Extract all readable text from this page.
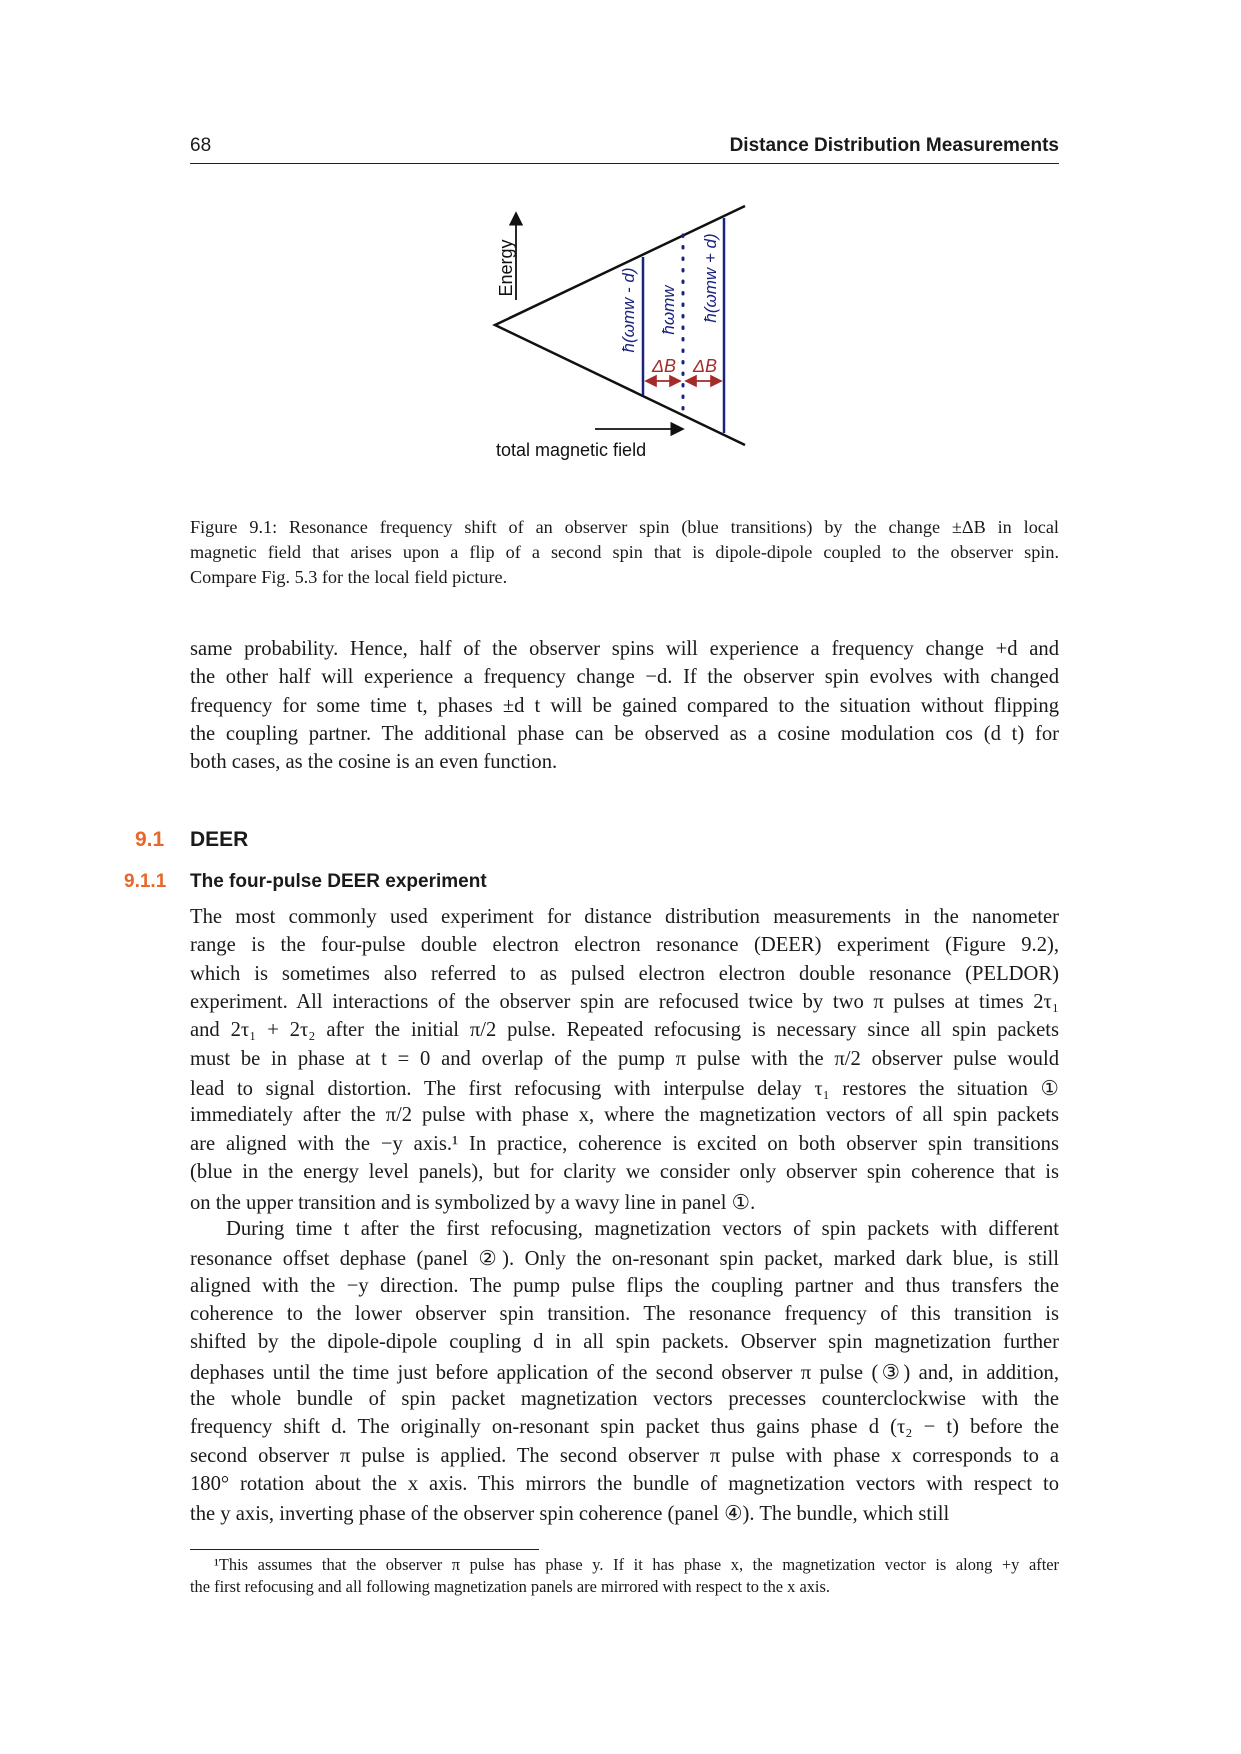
68	Distance Distribution Measurements
Energy	ħ(ωmw - d) ħωmw ħ(ωmw + d)
ΔB ΔB
total magnetic field
Figure 9.1: Resonance frequency shift of an observer spin (blue transitions) by the change ±ΔB in local
magnetic field that arises upon a flip of a second spin that is dipole-dipole coupled to the observer spin.
Compare Fig. 5.3 for the local field picture.
same probability. Hence, half of the observer spins will experience a frequency change +d and
the other half will experience a frequency change −d. If the observer spin evolves with changed
frequency for some time t, phases ±d t will be gained compared to the situation without flipping
the coupling partner. The additional phase can be observed as a cosine modulation cos (d t) for
both cases, as the cosine is an even function.
9.1 DEER
9.1.1 The four-pulse DEER experiment
The most commonly used experiment for distance distribution measurements in the nanometer
range is the four-pulse double electron electron resonance (DEER) experiment (Figure 9.2),
which is sometimes also referred to as pulsed electron electron double resonance (PELDOR)
experiment. All interactions of the observer spin are refocused twice by two π pulses at times 2τ₁
and 2τ₁ + 2τ₂ after the initial π/2 pulse. Repeated refocusing is necessary since all spin packets
must be in phase at t = 0 and overlap of the pump π pulse with the π/2 observer pulse would
lead to signal distortion. The first refocusing with interpulse delay τ₁ restores the situation ①
immediately after the π/2 pulse with phase x, where the magnetization vectors of all spin packets
are aligned with the −y axis.¹ In practice, coherence is excited on both observer spin transitions
(blue in the energy level panels), but for clarity we consider only observer spin coherence that is
on the upper transition and is symbolized by a wavy line in panel ①.
During time t after the first refocusing, magnetization vectors of spin packets with different
resonance offset dephase (panel ②). Only the on-resonant spin packet, marked dark blue, is still
aligned with the −y direction. The pump pulse flips the coupling partner and thus transfers the
coherence to the lower observer spin transition. The resonance frequency of this transition is
shifted by the dipole-dipole coupling d in all spin packets. Observer spin magnetization further
dephases until the time just before application of the second observer π pulse (③) and, in addition,
the whole bundle of spin packet magnetization vectors precesses counterclockwise with the
frequency shift d. The originally on-resonant spin packet thus gains phase d (τ₂ − t) before the
second observer π pulse is applied. The second observer π pulse with phase x corresponds to a
180° rotation about the x axis. This mirrors the bundle of magnetization vectors with respect to
the y axis, inverting phase of the observer spin coherence (panel ④). The bundle, which still
¹This assumes that the observer π pulse has phase y. If it has phase x, the magnetization vector is along +y after
the first refocusing and all following magnetization panels are mirrored with respect to the x axis.
